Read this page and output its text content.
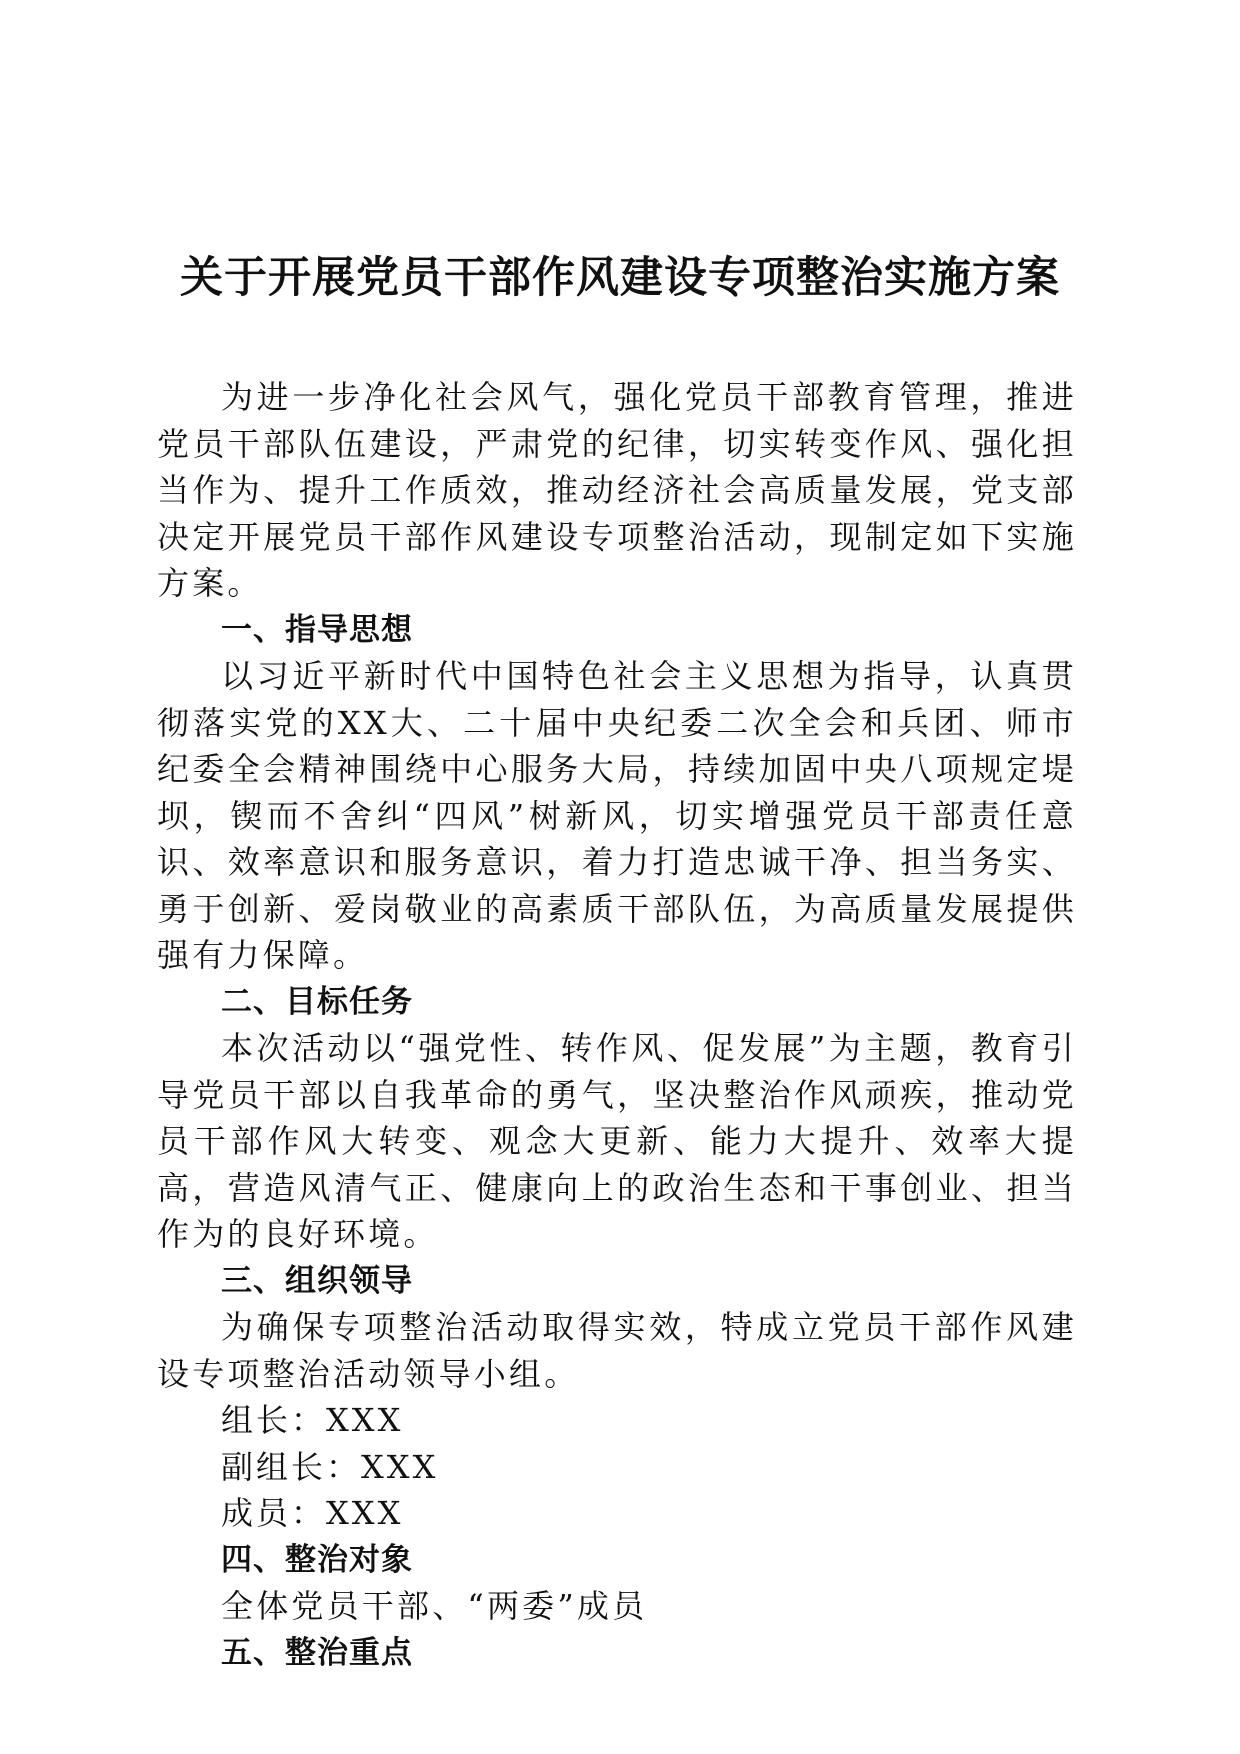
关于开展党员干部作风建设专项整治实施方案

为进一步净化社会风气，强化党员干部教育管理，推进党员干部队伍建设，严肃党的纪律，切实转变作风、强化担当作为、提升工作质效，推动经济社会高质量发展，党支部决定开展党员干部作风建设专项整治活动，现制定如下实施方案。

一、指导思想

以习近平新时代中国特色社会主义思想为指导，认真贯彻落实党的XX大、二十届中央纪委二次全会和兵团、师市纪委全会精神围绕中心服务大局，持续加固中央八项规定堤坝，锲而不舍纠“四风”树新风，切实增强党员干部责任意识、效率意识和服务意识，着力打造忠诚干净、担当务实、勇于创新、爱岗敬业的高素质干部队伍，为高质量发展提供强有力保障。

二、目标任务

本次活动以“强党性、转作风、促发展”为主题，教育引导党员干部以自我革命的勇气，坚决整治作风顽疾，推动党员干部作风大转变、观念大更新、能力大提升、效率大提高，营造风清气正、健康向上的政治生态和干事创业、担当作为的良好环境。

三、组织领导

为确保专项整治活动取得实效，特成立党员干部作风建设专项整治活动领导小组。

组长：XXX

副组长：XXX

成员：XXX

四、整治对象

全体党员干部、“两委”成员

五、整治重点
